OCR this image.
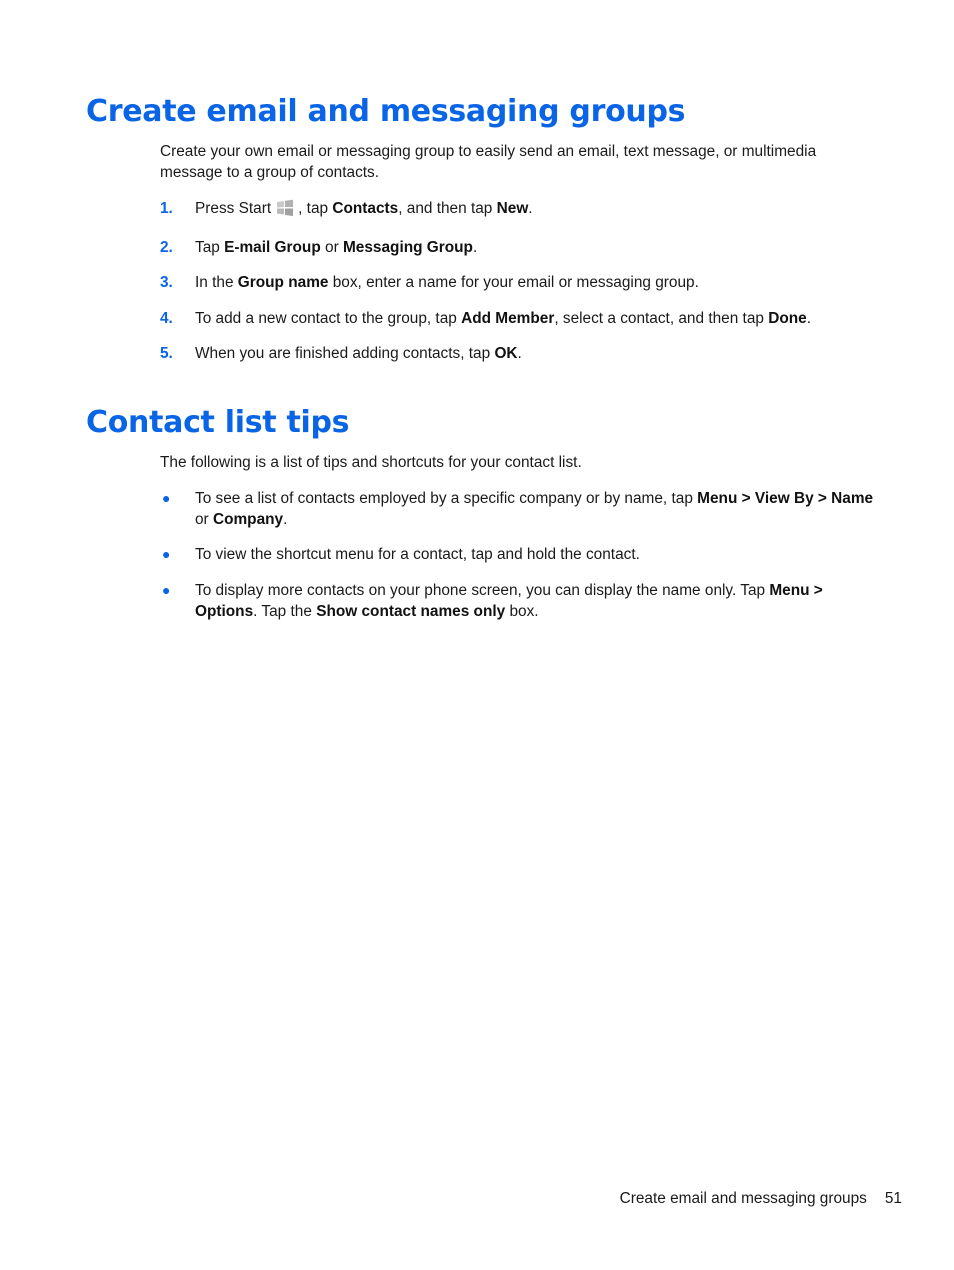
Create email and messaging groups

Create your own email or messaging group to easily send an email, text message, or multimedia message to a group of contacts.

1. Press Start , tap Contacts, and then tap New.
2. Tap E-mail Group or Messaging Group.
3. In the Group name box, enter a name for your email or messaging group.
4. To add a new contact to the group, tap Add Member, select a contact, and then tap Done.
5. When you are finished adding contacts, tap OK.
Contact list tips

The following is a list of tips and shortcuts for your contact list.

● To see a list of contacts employed by a specific company or by name, tap Menu > View By > Name or Company.
● To view the shortcut menu for a contact, tap and hold the contact.
● To display more contacts on your phone screen, you can display the name only. Tap Menu > Options. Tap the Show contact names only box.
Create email and messaging groups 51
